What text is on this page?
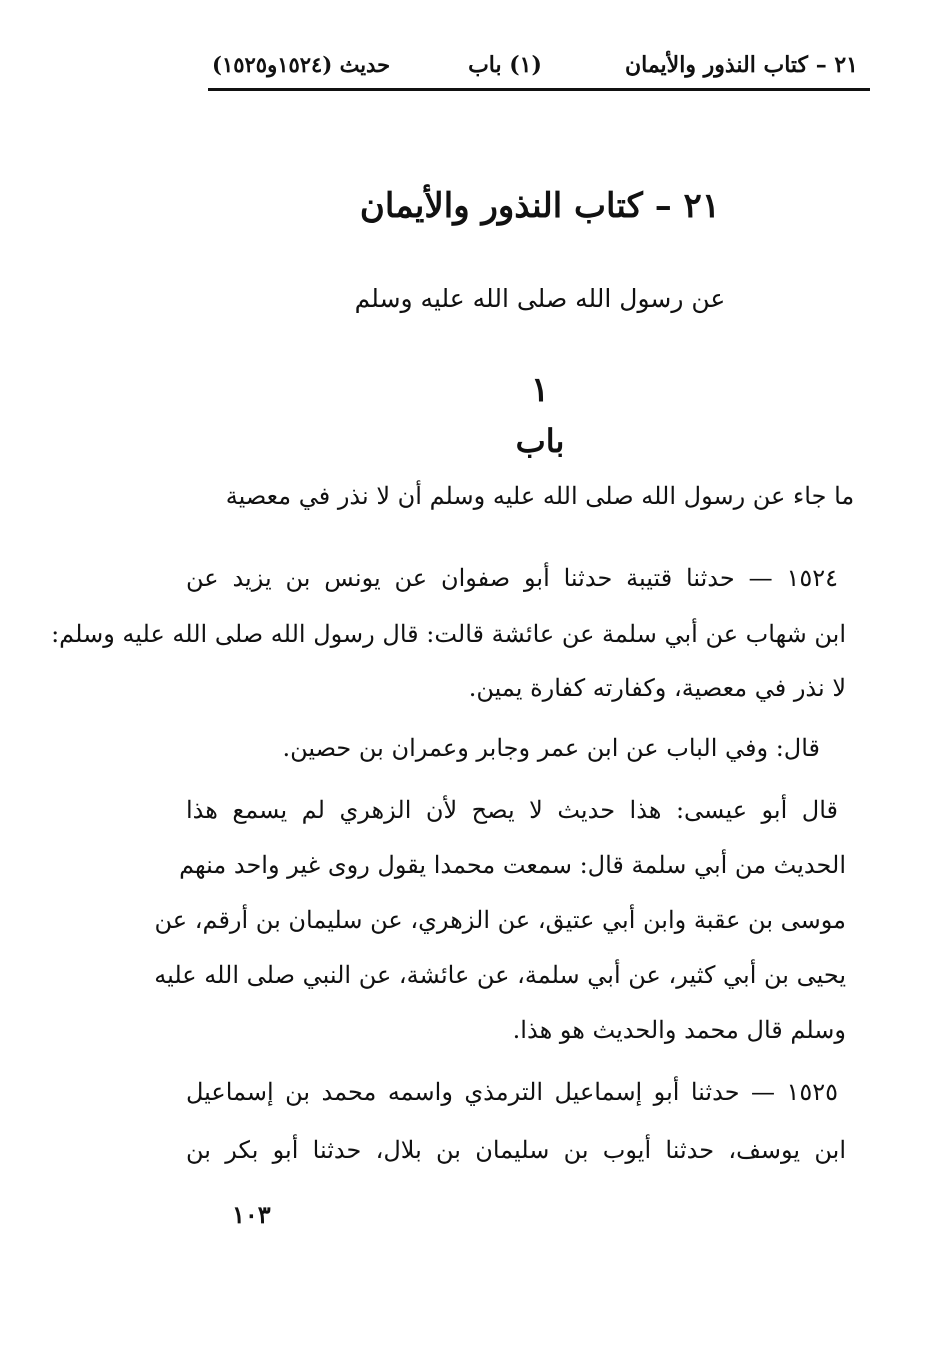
٢١ – كتاب النذور والأيمان
(١) باب
حديث (١٥٢٤و١٥٢٥)
٢١ – كتاب النذور والأيمان
عن رسول الله صلى الله عليه وسلم
١
باب
ما جاء عن رسول الله صلى الله عليه وسلم أن لا نذر في معصية
١٥٢٤ — حدثنا قتيبة حدثنا أبو صفوان عن يونس بن يزيد عن
ابن شهاب عن أبي سلمة عن عائشة قالت: قال رسول الله صلى الله عليه وسلم:
لا نذر في معصية، وكفارته كفارة يمين.
قال: وفي الباب عن ابن عمر وجابر وعمران بن حصين.
قال أبو عيسى: هذا حديث لا يصح لأن الزهري لم يسمع هذا
الحديث من أبي سلمة قال: سمعت محمدا يقول روى غير واحد منهم
موسى بن عقبة وابن أبي عتيق، عن الزهري، عن سليمان بن أرقم، عن
يحيى بن أبي كثير، عن أبي سلمة، عن عائشة، عن النبي صلى الله عليه
وسلم قال محمد والحديث هو هذا.
١٥٢٥ — حدثنا أبو إسماعيل الترمذي واسمه محمد بن إسماعيل
ابن يوسف، حدثنا أيوب بن سليمان بن بلال، حدثنا أبو بكر بن
١٠٣
